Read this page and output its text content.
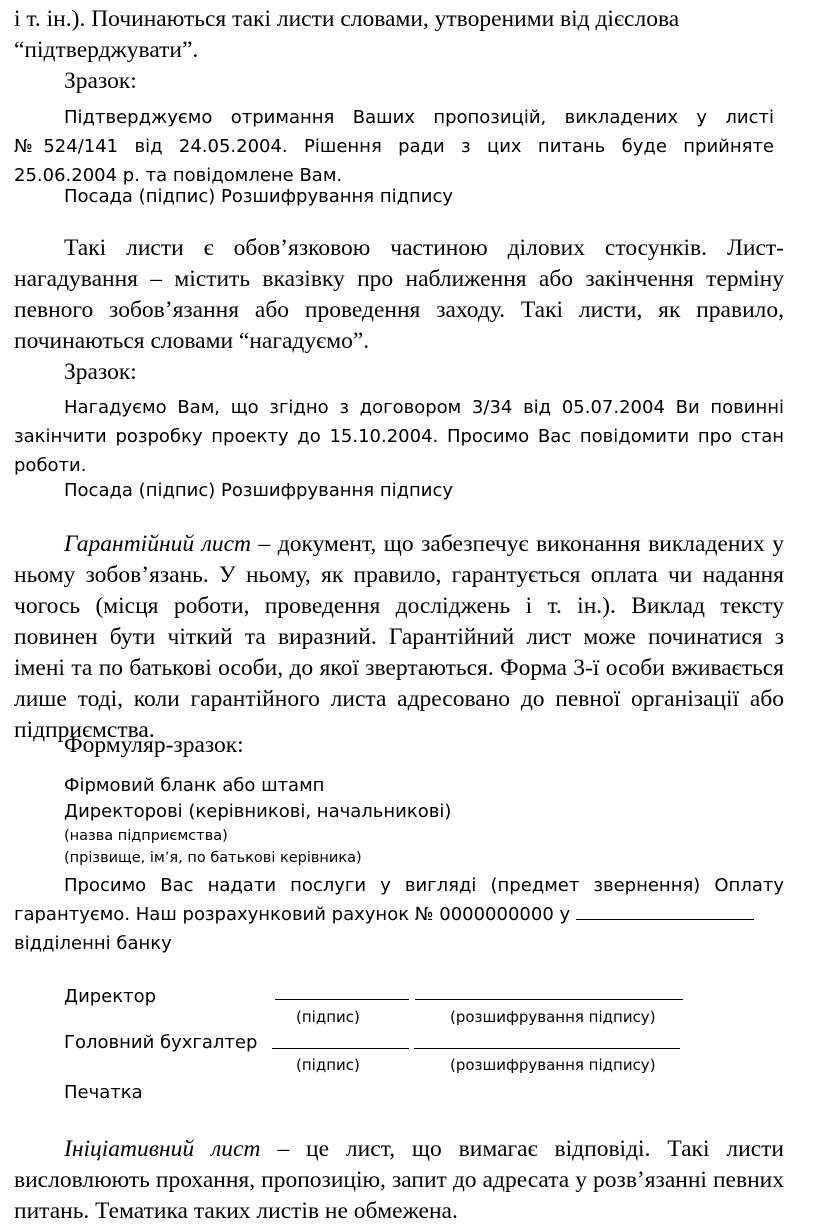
і т. ін.). Починаються такі листи словами, утвореними від дієслова
“підтверджувати”.

Зразок:

Підтверджуємо отримання Ваших пропозицій, викладених у листі №524/141 від 24.05.2004. Рішення ради з цих питань буде прийняте 25.06.2004 р. та повідомлене Вам.

Посада (підпис) Розшифрування підпису

Такі листи є обов’язковою частиною ділових стосунків. Лист-нагадування – містить вказівку про наближення або закінчення терміну певного зобов’язання або проведення заходу. Такі листи, як правило, починаються словами “нагадуємо”.

Зразок:

Нагадуємо Вам, що згідно з договором 3/34 від 05.07.2004 Ви повинні закінчити розробку проекту до 15.10.2004. Просимо Вас повідомити про стан роботи.

Посада (підпис) Розшифрування підпису

Гарантійний лист – документ, що забезпечує виконання викладених у ньому зобов’язань. У ньому, як правило, гарантується оплата чи надання чогось (місця роботи, проведення досліджень і т. ін.). Виклад тексту повинен бути чіткий та виразний. Гарантійний лист може починатися з імені та по батькові особи, до якої звертаються. Форма 3-ї особи вживається лише тоді, коли гарантійного листа адресовано до певної організації або підприємства.

Формуляр-зразок:

Фірмовий бланк або штамп

Директорові (керівникові, начальникові)

(назва підприємства)

(прізвище, ім’я, по батькові керівника)

Просимо Вас надати послуги у вигляді (предмет звернення) Оплату гарантуємо. Наш розрахунковий рахунок № 0000000000 у
відділенні банку

Директор

(підпис)	(розшифрування підпису)

Головний бухгалтер

(підпис)	(розшифрування підпису)

Печатка

Ініціативний лист – це лист, що вимагає відповіді. Такі листи висловлюють прохання, пропозицію, запит до адресата у розв’язанні певних питань. Тематика таких листів не обмежена.
